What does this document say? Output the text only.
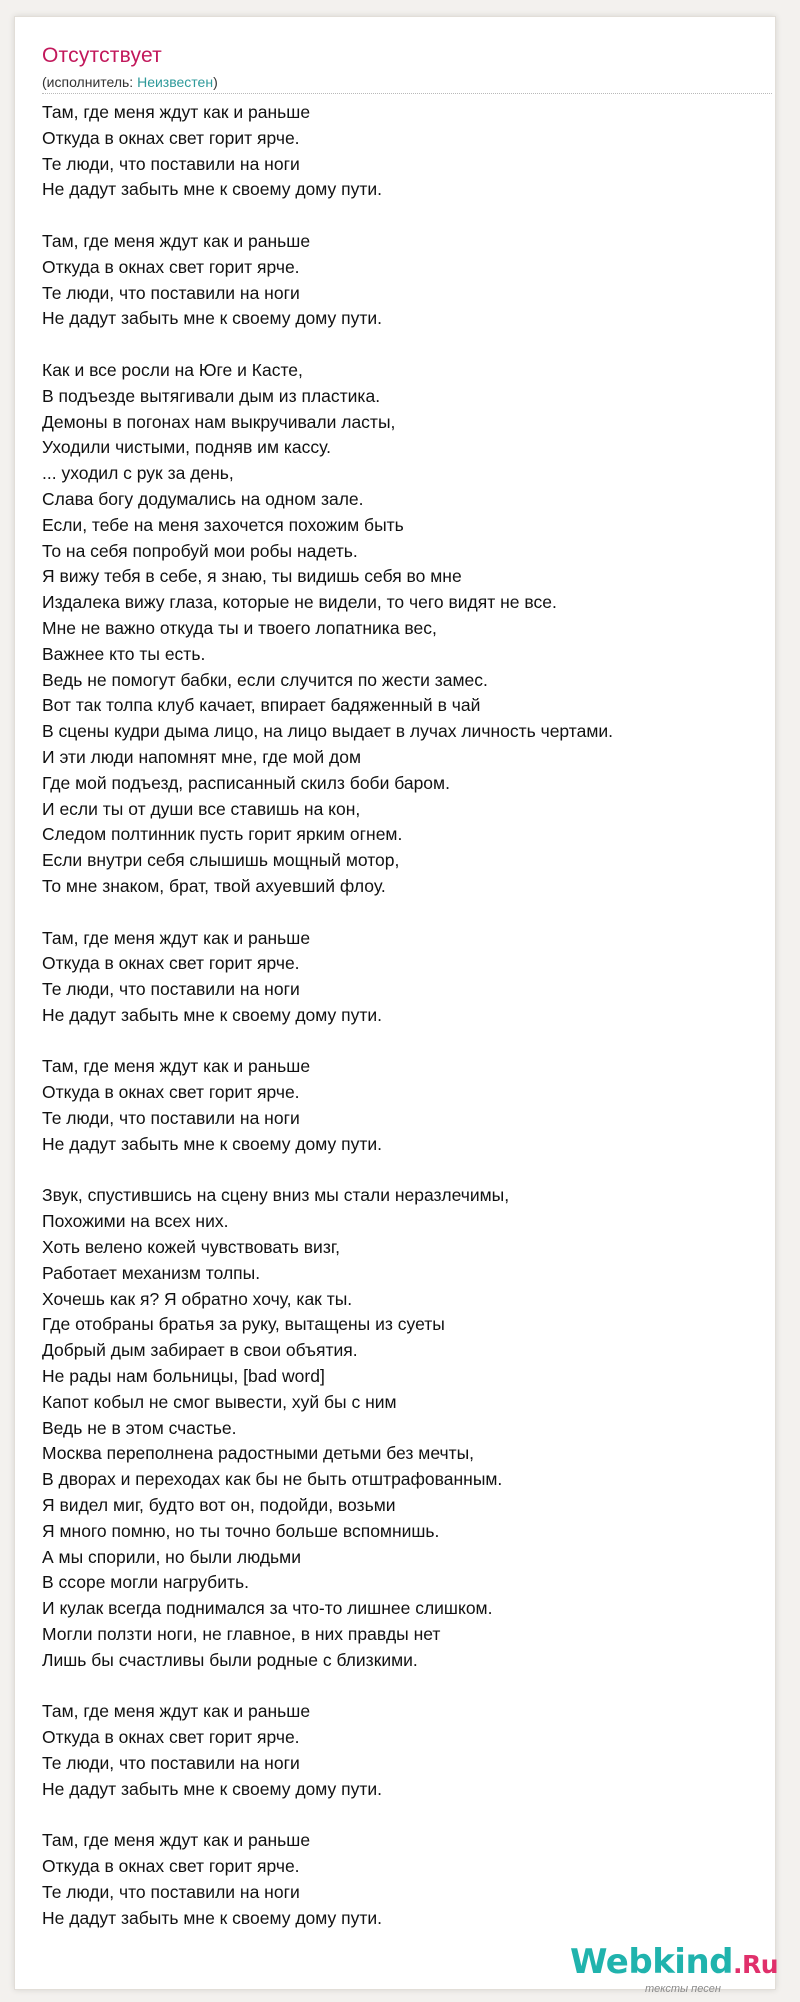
Отсутствует
(исполнитель: Неизвестен)
Там, где меня ждут как и раньше
Откуда в окнах свет горит ярче.
Те люди, что поставили на ноги
Не дадут забыть мне к своему дому пути.
Там, где меня ждут как и раньше
Откуда в окнах свет горит ярче.
Те люди, что поставили на ноги
Не дадут забыть мне к своему дому пути.
Как и все росли на Юге и Касте,
В подъезде вытягивали дым из пластика.
Демоны в погонах нам выкручивали ласты,
Уходили чистыми, подняв им кассу.
... уходил с рук за день,
Слава богу додумались на одном зале.
Если, тебе на меня захочется похожим быть
То на себя попробуй мои робы надеть.
Я вижу тебя в себе, я знаю, ты видишь себя во мне
Издалека вижу глаза, которые не видели, то чего видят не все.
Мне не важно откуда ты и твоего лопатника вес,
Важнее кто ты есть.
Ведь не помогут бабки, если случится по жести замес.
Вот так толпа клуб качает, впирает бадяженный в чай
В сцены кудри дыма лицо, на лицо выдает в лучах личность чертами.
И эти люди напомнят мне, где мой дом
Где мой подъезд, расписанный скилз боби баром.
И если ты от души все ставишь на кон,
Следом полтинник пусть горит ярким огнем.
Если внутри себя слышишь мощный мотор,
То мне знаком, брат, твой ахуевший флоу.
Там, где меня ждут как и раньше
Откуда в окнах свет горит ярче.
Те люди, что поставили на ноги
Не дадут забыть мне к своему дому пути.
Там, где меня ждут как и раньше
Откуда в окнах свет горит ярче.
Те люди, что поставили на ноги
Не дадут забыть мне к своему дому пути.
Звук, спустившись на сцену вниз мы стали неразлечимы,
Похожими на всех них.
Хоть велено кожей чувствовать визг,
Работает механизм толпы.
Хочешь как я? Я обратно хочу, как ты.
Где отобраны братья за руку, вытащены из суеты
Добрый дым забирает в свои объятия.
Не рады нам больницы, [bad word]
Капот кобыл не смог вывести, хуй бы с ним
Ведь не в этом счастье.
Москва переполнена радостными детьми без мечты,
В дворах и переходах как бы не быть отштрафованным.
Я видел миг, будто вот он, подойди, возьми
Я много помню, но ты точно больше вспомнишь.
А мы спорили, но были людьми
В ссоре могли нагрубить.
И кулак всегда поднимался за что-то лишнее слишком.
Могли ползти ноги, не главное, в них правды нет
Лишь бы счастливы были родные с близкими.
Там, где меня ждут как и раньше
Откуда в окнах свет горит ярче.
Те люди, что поставили на ноги
Не дадут забыть мне к своему дому пути.
Там, где меня ждут как и раньше
Откуда в окнах свет горит ярче.
Те люди, что поставили на ноги
Не дадут забыть мне к своему дому пути.
Webkind.Ru
тексты песен
